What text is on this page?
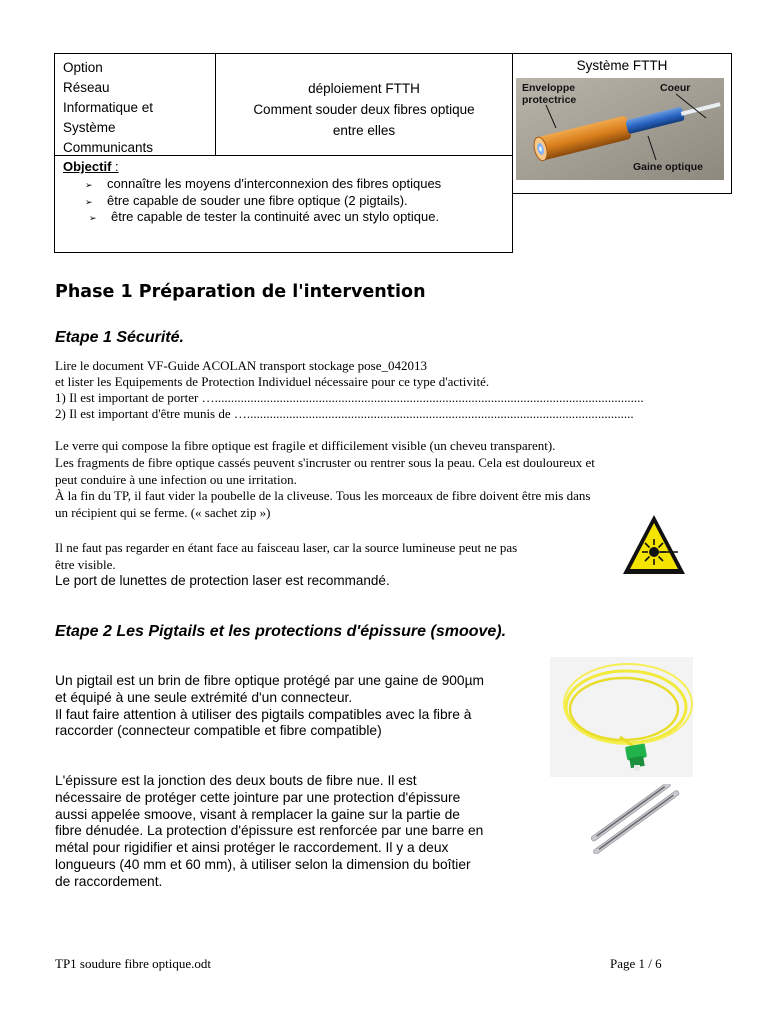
Option
Réseau
Informatique et
Système
Communicants
déploiement FTTH
Comment souder deux fibres optique
entre elles
Système FTTH
Enveloppe
protectrice
Coeur
Gaine optique
Objectif :
➢ connaître les moyens d'interconnexion des fibres optiques
➢ être capable de souder une fibre optique (2 pigtails).
➢ être capable de tester la continuité avec un stylo optique.
Phase 1 Préparation de l'intervention
Etape 1 Sécurité.
Lire le document VF-Guide ACOLAN transport stockage pose_042013
et lister les Equipements de Protection Individuel nécessaire pour ce type d'activité.
1) Il est important de porter …....................................................................................................................................
2) Il est important d'être munis de ….......................................................................................................................
Le verre qui compose la fibre optique est fragile et difficilement visible (un cheveu transparent).
Les fragments de fibre optique cassés peuvent s'incruster ou rentrer sous la peau. Cela est douloureux et
peut conduire à une infection ou une irritation.
À la fin du TP, il faut vider la poubelle de la cliveuse. Tous les morceaux de fibre doivent être mis dans
un récipient qui se ferme. (« sachet zip »)
Il ne faut pas regarder en étant face au faisceau laser, car la source lumineuse peut ne pas
être visible.
Le port de lunettes de protection laser est recommandé.
Etape 2 Les Pigtails et les protections d'épissure (smoove).
Un pigtail est un brin de fibre optique protégé par une gaine de 900µm
et équipé à une seule extrémité d'un connecteur.
Il faut faire attention à utiliser des pigtails compatibles avec la fibre à
raccorder (connecteur compatible et fibre compatible)
L'épissure est la jonction des deux bouts de fibre nue. Il est
nécessaire de protéger cette jointure par une protection d'épissure
aussi appelée smoove, visant à remplacer la gaine sur la partie de
fibre dénudée. La protection d'épissure est renforcée par une barre en
métal pour rigidifier et ainsi protéger le raccordement. Il y a deux
longueurs (40 mm et 60 mm), à utiliser selon la dimension du boîtier
de raccordement.
TP1 soudure fibre optique.odt	Page 1 / 6
